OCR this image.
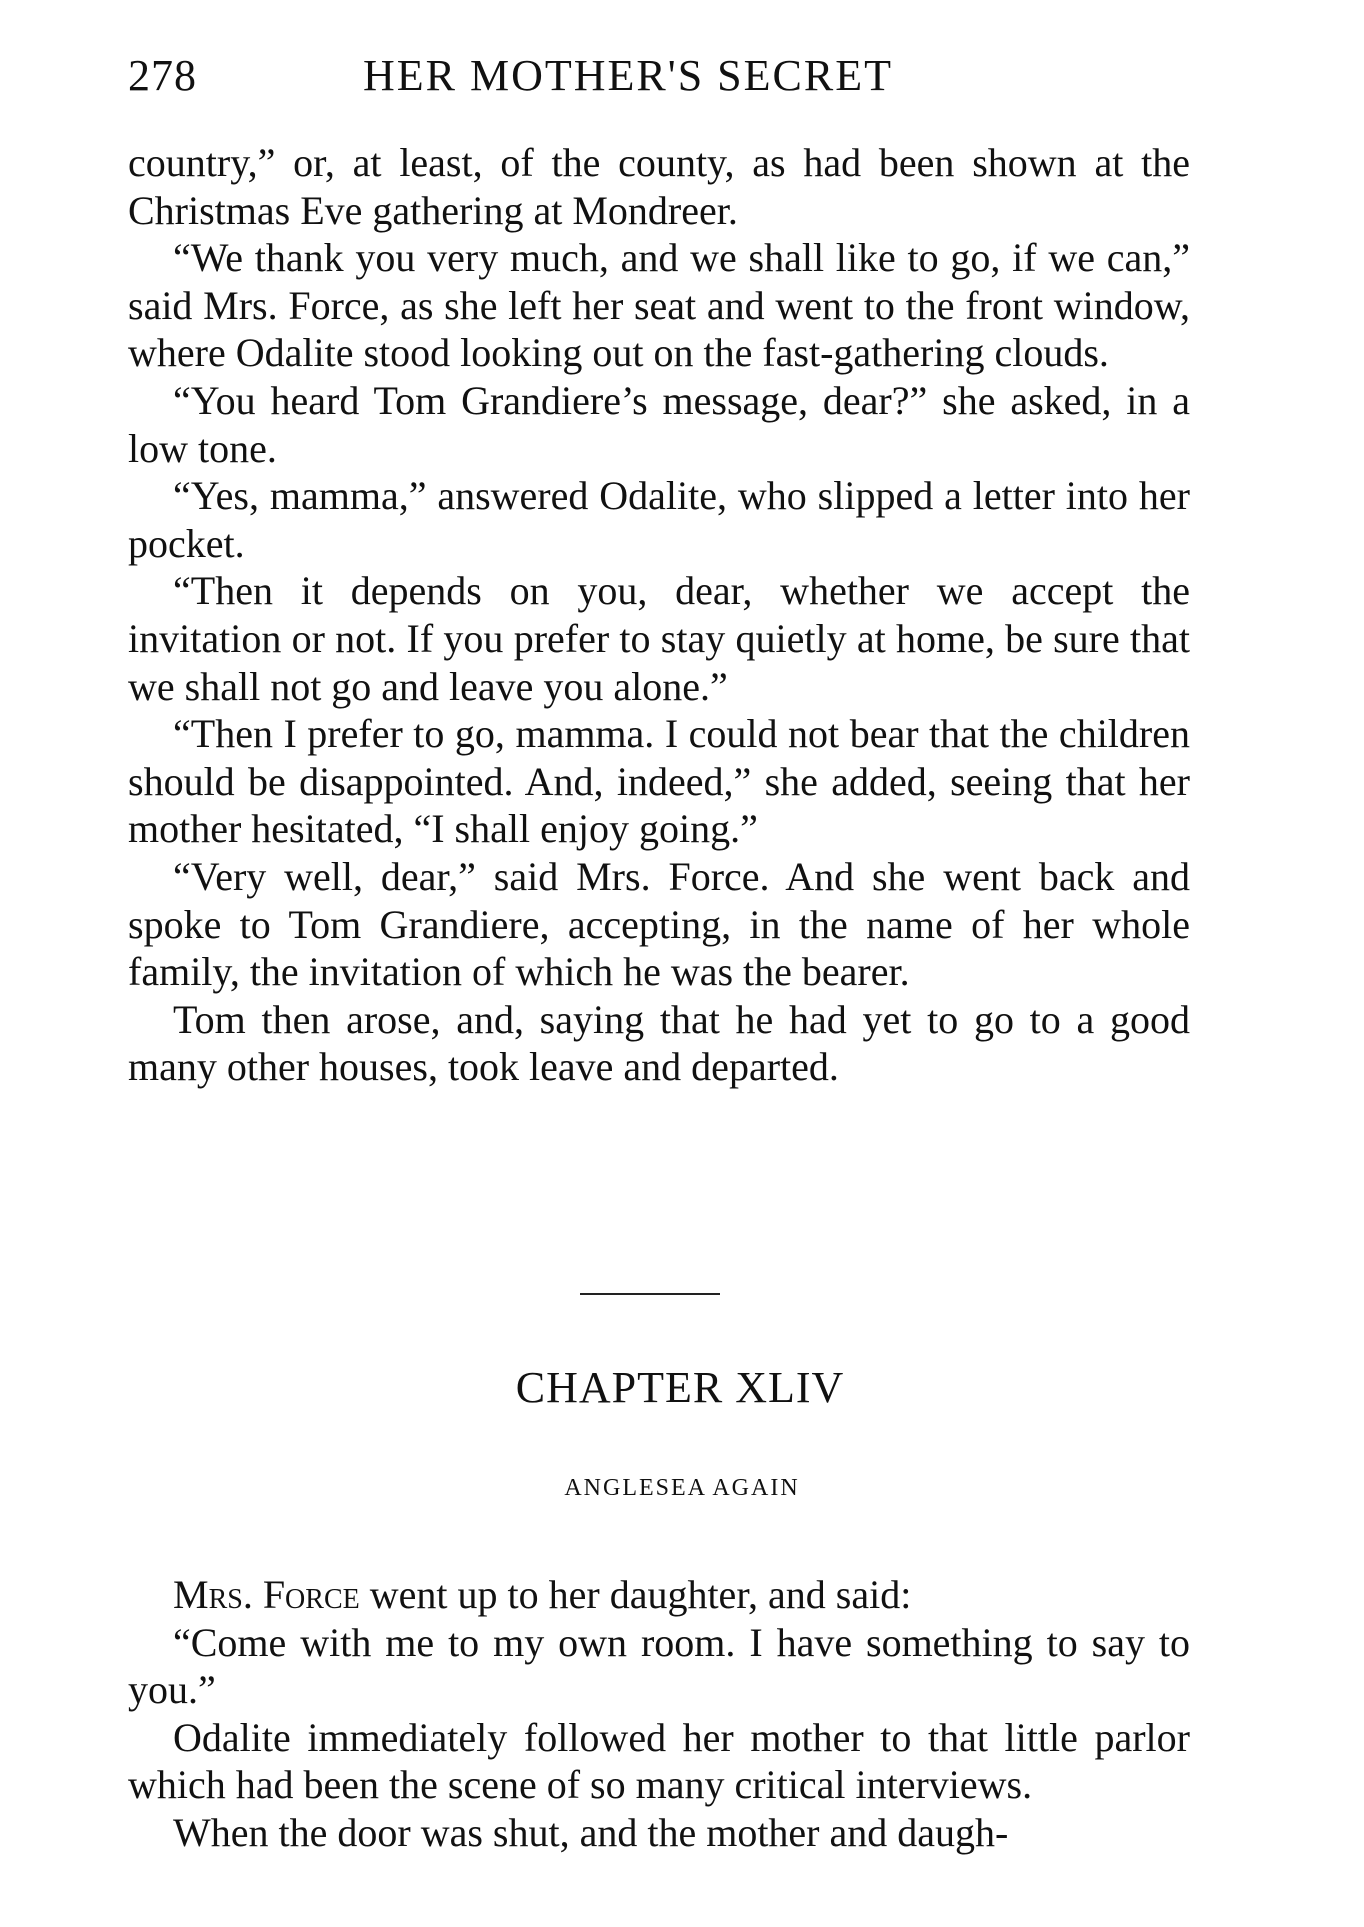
278	HER MOTHER'S SECRET

country,” or, at least, of the county, as had been shown at the Christmas Eve gathering at Mondreer.

“We thank you very much, and we shall like to go, if we can,” said Mrs. Force, as she left her seat and went to the front window, where Odalite stood looking out on the fast-gathering clouds.

“You heard Tom Grandiere’s message, dear?” she asked, in a low tone.

“Yes, mamma,” answered Odalite, who slipped a letter into her pocket.

“Then it depends on you, dear, whether we accept the invitation or not. If you prefer to stay quietly at home, be sure that we shall not go and leave you alone.”

“Then I prefer to go, mamma. I could not bear that the children should be disappointed. And, indeed,” she added, seeing that her mother hesitated, “I shall enjoy going.”

“Very well, dear,” said Mrs. Force. And she went back and spoke to Tom Grandiere, accepting, in the name of her whole family, the invitation of which he was the bearer.

Tom then arose, and, saying that he had yet to go to a good many other houses, took leave and departed.

CHAPTER XLIV
ANGLESEA AGAIN

Mrs. Force went up to her daughter, and said:

“Come with me to my own room. I have something to say to you.”

Odalite immediately followed her mother to that little parlor which had been the scene of so many critical interviews.

When the door was shut, and the mother and daugh-
